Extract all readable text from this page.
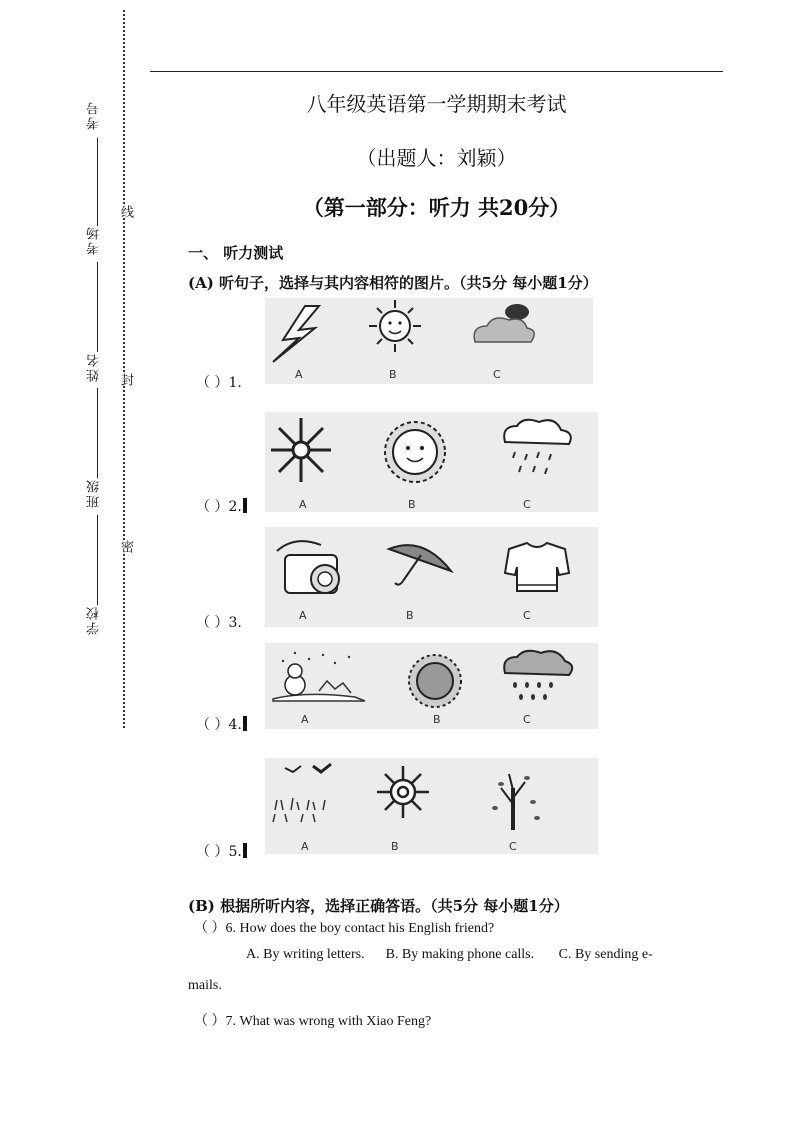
考号
考场
姓名
班级
学校
线
封
密
八年级英语第一学期期末考试
（出题人：刘颖）
（第一部分：听力 共20分）
一、 听力测试
(A) 听句子，选择与其内容相符的图片。（共5分 每小题1分）
A	B	C
（ ）1.
A	B	C
（ ）2.
A	B	C
（ ）3.
A	B	C
（ ）4.
A	B	C
（ ）5.
(B) 根据所听内容，选择正确答语。（共5分 每小题1分）
（ ）6. How does the boy contact his English friend?
A. By writing letters.      B. By making phone calls.       C. By sending e-
mails.
（ ）7. What was wrong with Xiao Feng?
